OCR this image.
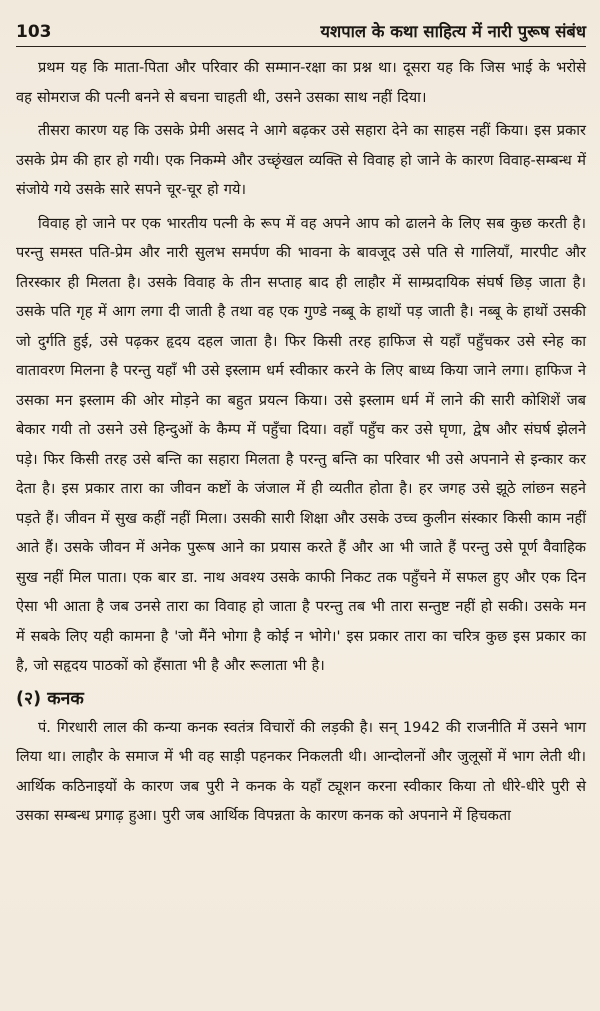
103	यशपाल के कथा साहित्य में नारी पुरूष संबंध

प्रथम यह कि माता-पिता और परिवार की सम्मान-रक्षा का प्रश्न था। दूसरा यह कि जिस भाई के भरोसे वह सोमराज की पत्नी बनने से बचना चाहती थी, उसने उसका साथ नहीं दिया।

तीसरा कारण यह कि उसके प्रेमी असद ने आगे बढ़कर उसे सहारा देने का साहस नहीं किया। इस प्रकार उसके प्रेम की हार हो गयी। एक निकम्मे और उच्छृंखल व्यक्ति से विवाह हो जाने के कारण विवाह-सम्बन्ध में संजोये गये उसके सारे सपने चूर-चूर हो गये।

विवाह हो जाने पर एक भारतीय पत्नी के रूप में वह अपने आप को ढालने के लिए सब कुछ करती है। परन्तु समस्त पति-प्रेम और नारी सुलभ समर्पण की भावना के बावजूद उसे पति से गालियाँ, मारपीट और तिरस्कार ही मिलता है। उसके विवाह के तीन सप्ताह बाद ही लाहौर में साम्प्रदायिक संघर्ष छिड़ जाता है। उसके पति गृह में आग लगा दी जाती है तथा वह एक गुण्डे नब्बू के हाथों पड़ जाती है। नब्बू के हाथों उसकी जो दुर्गति हुई, उसे पढ़कर हृदय दहल जाता है। फिर किसी तरह हाफिज से यहाँ पहुँचकर उसे स्नेह का वातावरण मिलना है परन्तु यहाँ भी उसे इस्लाम धर्म स्वीकार करने के लिए बाध्य किया जाने लगा। हाफिज ने उसका मन इस्लाम की ओर मोड़ने का बहुत प्रयत्न किया। उसे इस्लाम धर्म में लाने की सारी कोशिशें जब बेकार गयी तो उसने उसे हिन्दुओं के कैम्प में पहुँचा दिया। वहाँ पहुँच कर उसे घृणा, द्वेष और संघर्ष झेलने पड़े। फिर किसी तरह उसे बन्ति का सहारा मिलता है परन्तु बन्ति का परिवार भी उसे अपनाने से इन्कार कर देता है। इस प्रकार तारा का जीवन कष्टों के जंजाल में ही व्यतीत होता है। हर जगह उसे झूठे लांछन सहने पड़ते हैं। जीवन में सुख कहीं नहीं मिला। उसकी सारी शिक्षा और उसके उच्च कुलीन संस्कार किसी काम नहीं आते हैं। उसके जीवन में अनेक पुरूष आने का प्रयास करते हैं और आ भी जाते हैं परन्तु उसे पूर्ण वैवाहिक सुख नहीं मिल पाता। एक बार डा. नाथ अवश्य उसके काफी निकट तक पहुँचने में सफल हुए और एक दिन ऐसा भी आता है जब उनसे तारा का विवाह हो जाता है परन्तु तब भी तारा सन्तुष्ट नहीं हो सकी। उसके मन में सबके लिए यही कामना है 'जो मैंने भोगा है कोई न भोगे।' इस प्रकार तारा का चरित्र कुछ इस प्रकार का है, जो सहृदय पाठकों को हँसाता भी है और रूलाता भी है।

(२) कनक

पं. गिरधारी लाल की कन्या कनक स्वतंत्र विचारों की लड़की है। सन् 1942 की राजनीति में उसने भाग लिया था। लाहौर के समाज में भी वह साड़ी पहनकर निकलती थी। आन्दोलनों और जुलूसों में भाग लेती थी। आर्थिक कठिनाइयों के कारण जब पुरी ने कनक के यहाँ ट्यूशन करना स्वीकार किया तो धीरे-धीरे पुरी से उसका सम्बन्ध प्रगाढ़ हुआ। पुरी जब आर्थिक विपन्नता के कारण कनक को अपनाने में हिचकता
